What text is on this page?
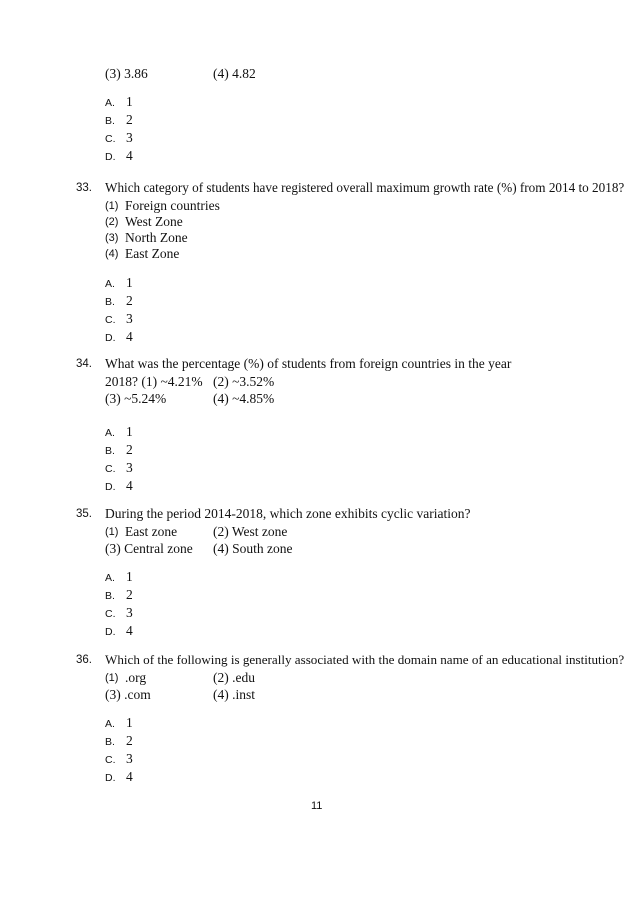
(3) 3.86	(4) 4.82
A. 1
B. 2
C. 3
D. 4
33. Which category of students have registered overall maximum growth rate (%) from 2014 to 2018?
(1) Foreign countries
(2) West Zone
(3) North Zone
(4) East Zone
A. 1
B. 2
C. 3
D. 4
34. What was the percentage (%) of students from foreign countries in the year
2018? (1) ~4.21% (2) ~3.52%
(3) ~5.24%	(4) ~4.85%
A. 1
B. 2
C. 3
D. 4
35. During the period 2014-2018, which zone exhibits cyclic variation?
(1) East zone	(2) West zone
(3) Central zone (4) South zone
A. 1
B. 2
C. 3
D. 4
36. Which of the following is generally associated with the domain name of an educational institution?
(1) .org	(2) .edu
(3) .com	(4) .inst
A. 1
B. 2
C. 3
D. 4
11
